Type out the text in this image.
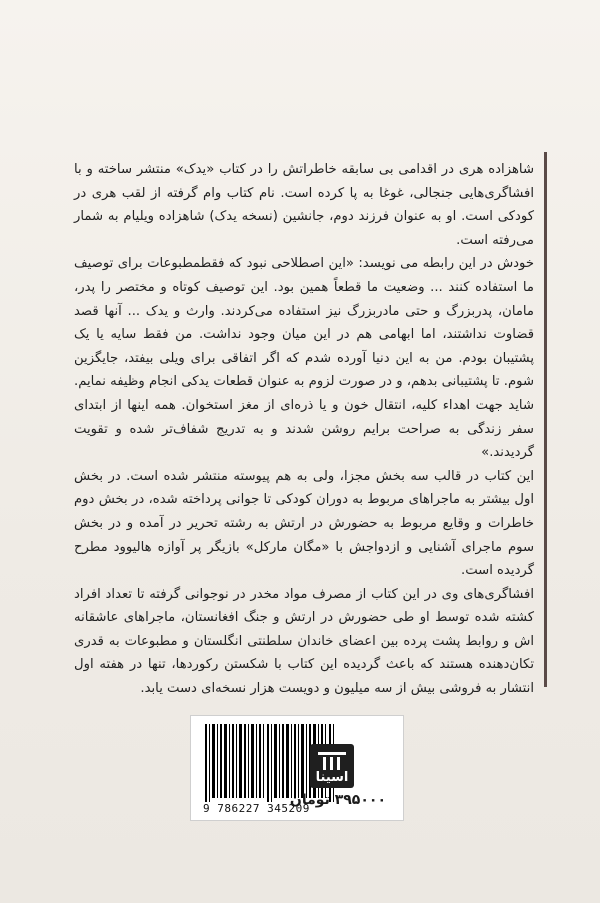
شاهزاده هری در اقدامی بی سابقه خاطراتش را در کتاب «یدک» منتشر ساخته و با افشاگری‌هایی جنجالی، غوغا به پا کرده است. نام کتاب وام گرفته از لقب هری در کودکی است. او به عنوان فرزند دوم، جانشین (نسخه یدک) شاهزاده ویلیام به شمار می‌رفته است.

خودش در این رابطه می نویسد: «این اصطلاحی نبود که فقطمطبوعات برای توصیف ما استفاده کنند ... وضعیت ما قطعاً همین بود. این توصیف کوتاه و مختصر را پدر، مامان، پدربزرگ و حتی مادربزرگ نیز استفاده می‌کردند. وارث و یدک ... آنها قصد قضاوت نداشتند، اما ابهامی هم در این میان وجود نداشت. من فقط سایه یا یک پشتیبان بودم. من به این دنیا آورده شدم که اگر اتفاقی برای ویلی بیفتد، جایگزین شوم. تا پشتیبانی بدهم، و در صورت لزوم به عنوان قطعات یدکی انجام وظیفه نمایم. شاید جهت اهداء کلیه، انتقال خون و یا ذره‌ای از مغز استخوان. همه اینها از ابتدای سفر زندگی به صراحت برایم روشن شدند و به تدریج شفاف‌تر شده و تقویت گردیدند.»

این کتاب در قالب سه بخش مجزا، ولی به هم پیوسته منتشر شده است. در بخش اول بیشتر به ماجراهای مربوط به دوران کودکی تا جوانی پرداخته شده، در بخش دوم خاطرات و وقایع مربوط به حضورش در ارتش به رشته تحریر در آمده و در بخش سوم ماجرای آشنایی و ازدواجش با «مگان مارکل» بازیگر پر آوازه هالیوود مطرح گردیده است.

افشاگری‌های وی در این کتاب از مصرف مواد مخدر در نوجوانی گرفته تا تعداد افراد کشته شده توسط او طی حضورش در ارتش و جنگ افغانستان، ماجراهای عاشقانه اش و روابط پشت پرده بین اعضای خاندان سلطنتی انگلستان و مطبوعات به قدری تکان‌دهنده هستند که باعث گردیده این کتاب با شکستن رکوردها، تنها در هفته اول انتشار به فروشی بیش از سه میلیون و دویست هزار نسخه‌ای دست یابد.

9 786227 345209
اسینا
۳۹۵۰۰۰ تومان
